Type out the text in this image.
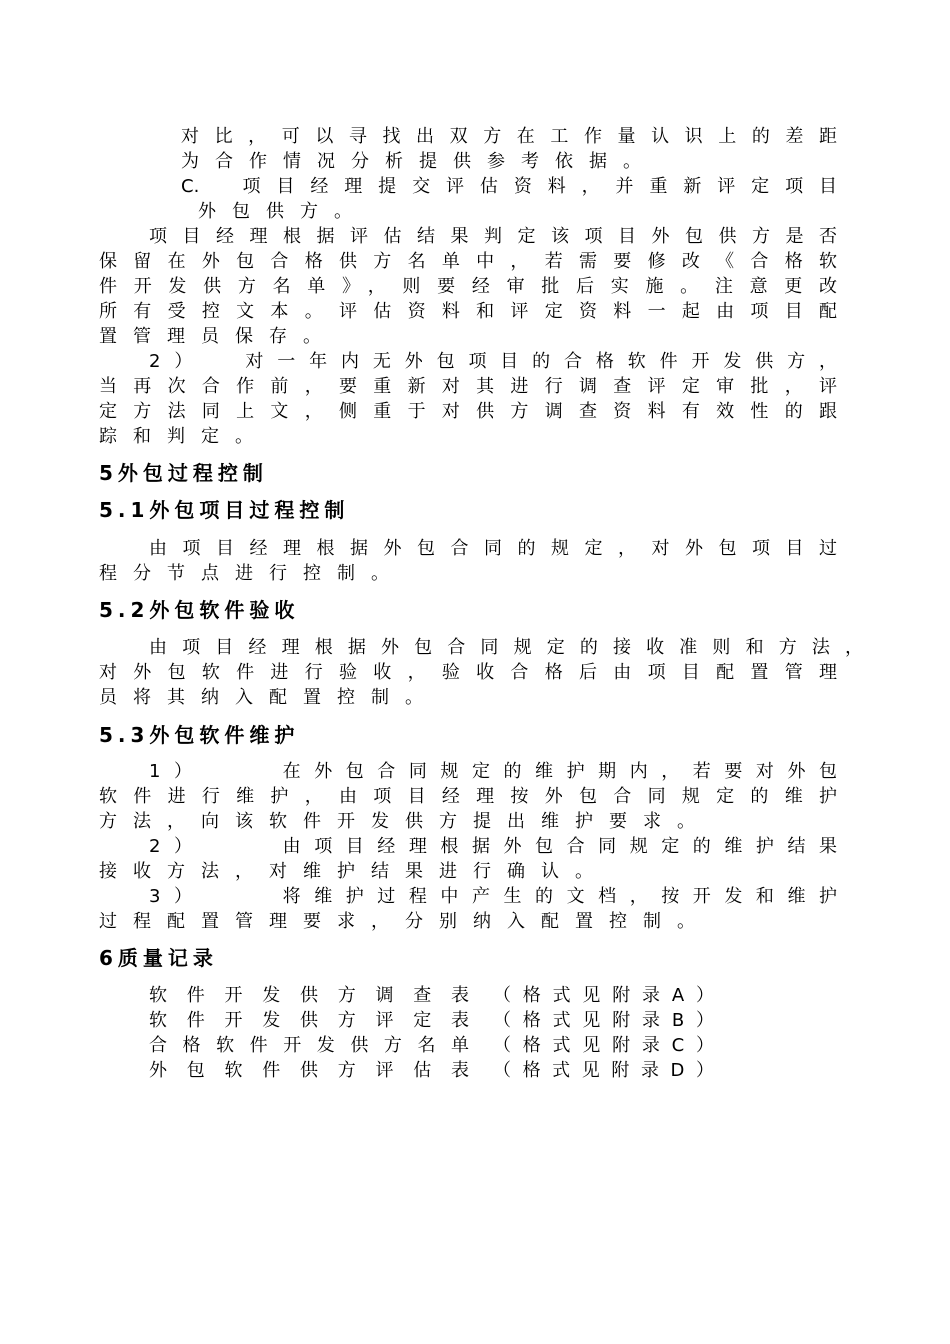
对比，可以寻找出双方在工作量认识上的差距
为合作情况分析提供参考依据。
C.  项目经理提交评估资料，并重新评定项目
外包供方。
项目经理根据评估结果判定该项目外包供方是否
保留在外包合格供方名单中，若需要修改《合格软
件开发供方名单》，则要经审批后实施。注意更改
所有受控文本。评估资料和评定资料一起由项目配
置管理员保存。
2）  对一年内无外包项目的合格软件开发供方，
当再次合作前，要重新对其进行调查评定审批，评
定方法同上文，侧重于对供方调查资料有效性的跟
踪和判定。
5外包过程控制
5.1外包项目过程控制
由项目经理根据外包合同的规定，对外包项目过
程分节点进行控制。
5.2外包软件验收
由项目经理根据外包合同规定的接收准则和方法，
对外包软件进行验收，验收合格后由项目配置管理
员将其纳入配置控制。
5.3外包软件维护
1）    在外包合同规定的维护期内，若要对外包
软件进行维护，由项目经理按外包合同规定的维护
方法，向该软件开发供方提出维护要求。
2）    由项目经理根据外包合同规定的维护结果
接收方法，对维护结果进行确认。
3）    将维护过程中产生的文档，按开发和维护
过程配置管理要求，分别纳入配置控制。
6质量记录
软件开发供方调查表 （格式见附录A）
软件开发供方评定表 （格式见附录B）
合格软件开发供方名单 （格式见附录C）
外包软件供方评估表 （格式见附录D）
